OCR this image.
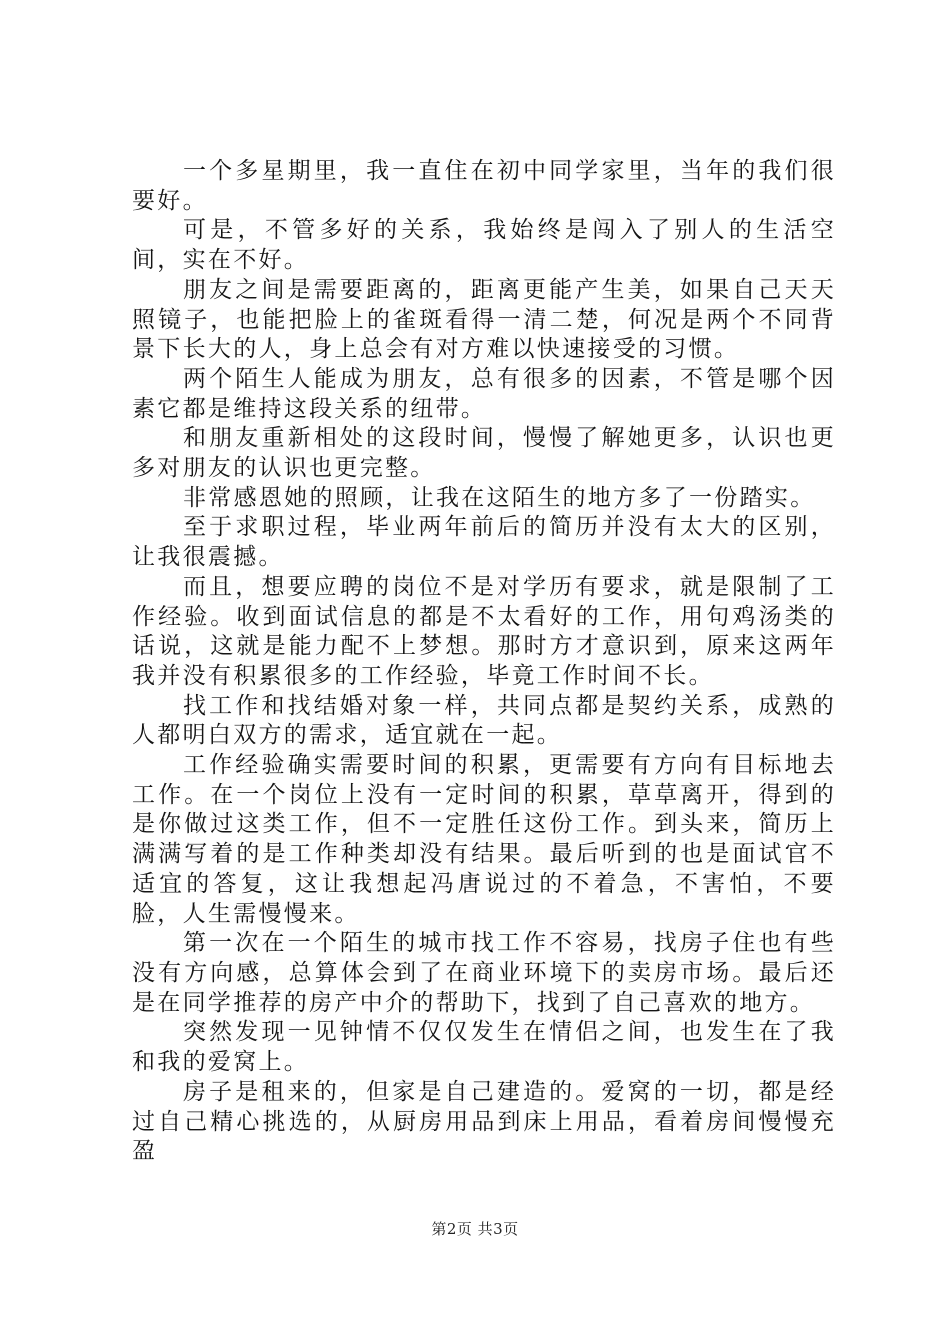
一个多星期里，我一直住在初中同学家里，当年的我们很要好。

可是，不管多好的关系，我始终是闯入了别人的生活空间，实在不好。

朋友之间是需要距离的，距离更能产生美，如果自己天天照镜子，也能把脸上的雀斑看得一清二楚，何况是两个不同背景下长大的人，身上总会有对方难以快速接受的习惯。

两个陌生人能成为朋友，总有很多的因素，不管是哪个因素它都是维持这段关系的纽带。

和朋友重新相处的这段时间，慢慢了解她更多，认识也更多对朋友的认识也更完整。

非常感恩她的照顾，让我在这陌生的地方多了一份踏实。

至于求职过程，毕业两年前后的简历并没有太大的区别，让我很震撼。

而且，想要应聘的岗位不是对学历有要求，就是限制了工作经验。收到面试信息的都是不太看好的工作，用句鸡汤类的话说，这就是能力配不上梦想。那时方才意识到，原来这两年我并没有积累很多的工作经验，毕竟工作时间不长。

找工作和找结婚对象一样，共同点都是契约关系，成熟的人都明白双方的需求，适宜就在一起。

工作经验确实需要时间的积累，更需要有方向有目标地去工作。在一个岗位上没有一定时间的积累，草草离开，得到的是你做过这类工作，但不一定胜任这份工作。到头来，简历上满满写着的是工作种类却没有结果。最后听到的也是面试官不适宜的答复，这让我想起冯唐说过的不着急，不害怕，不要脸，人生需慢慢来。

第一次在一个陌生的城市找工作不容易，找房子住也有些没有方向感，总算体会到了在商业环境下的卖房市场。最后还是在同学推荐的房产中介的帮助下，找到了自己喜欢的地方。

突然发现一见钟情不仅仅发生在情侣之间，也发生在了我和我的爱窝上。

房子是租来的，但家是自己建造的。爱窝的一切，都是经过自己精心挑选的，从厨房用品到床上用品，看着房间慢慢充盈

第2页 共3页
